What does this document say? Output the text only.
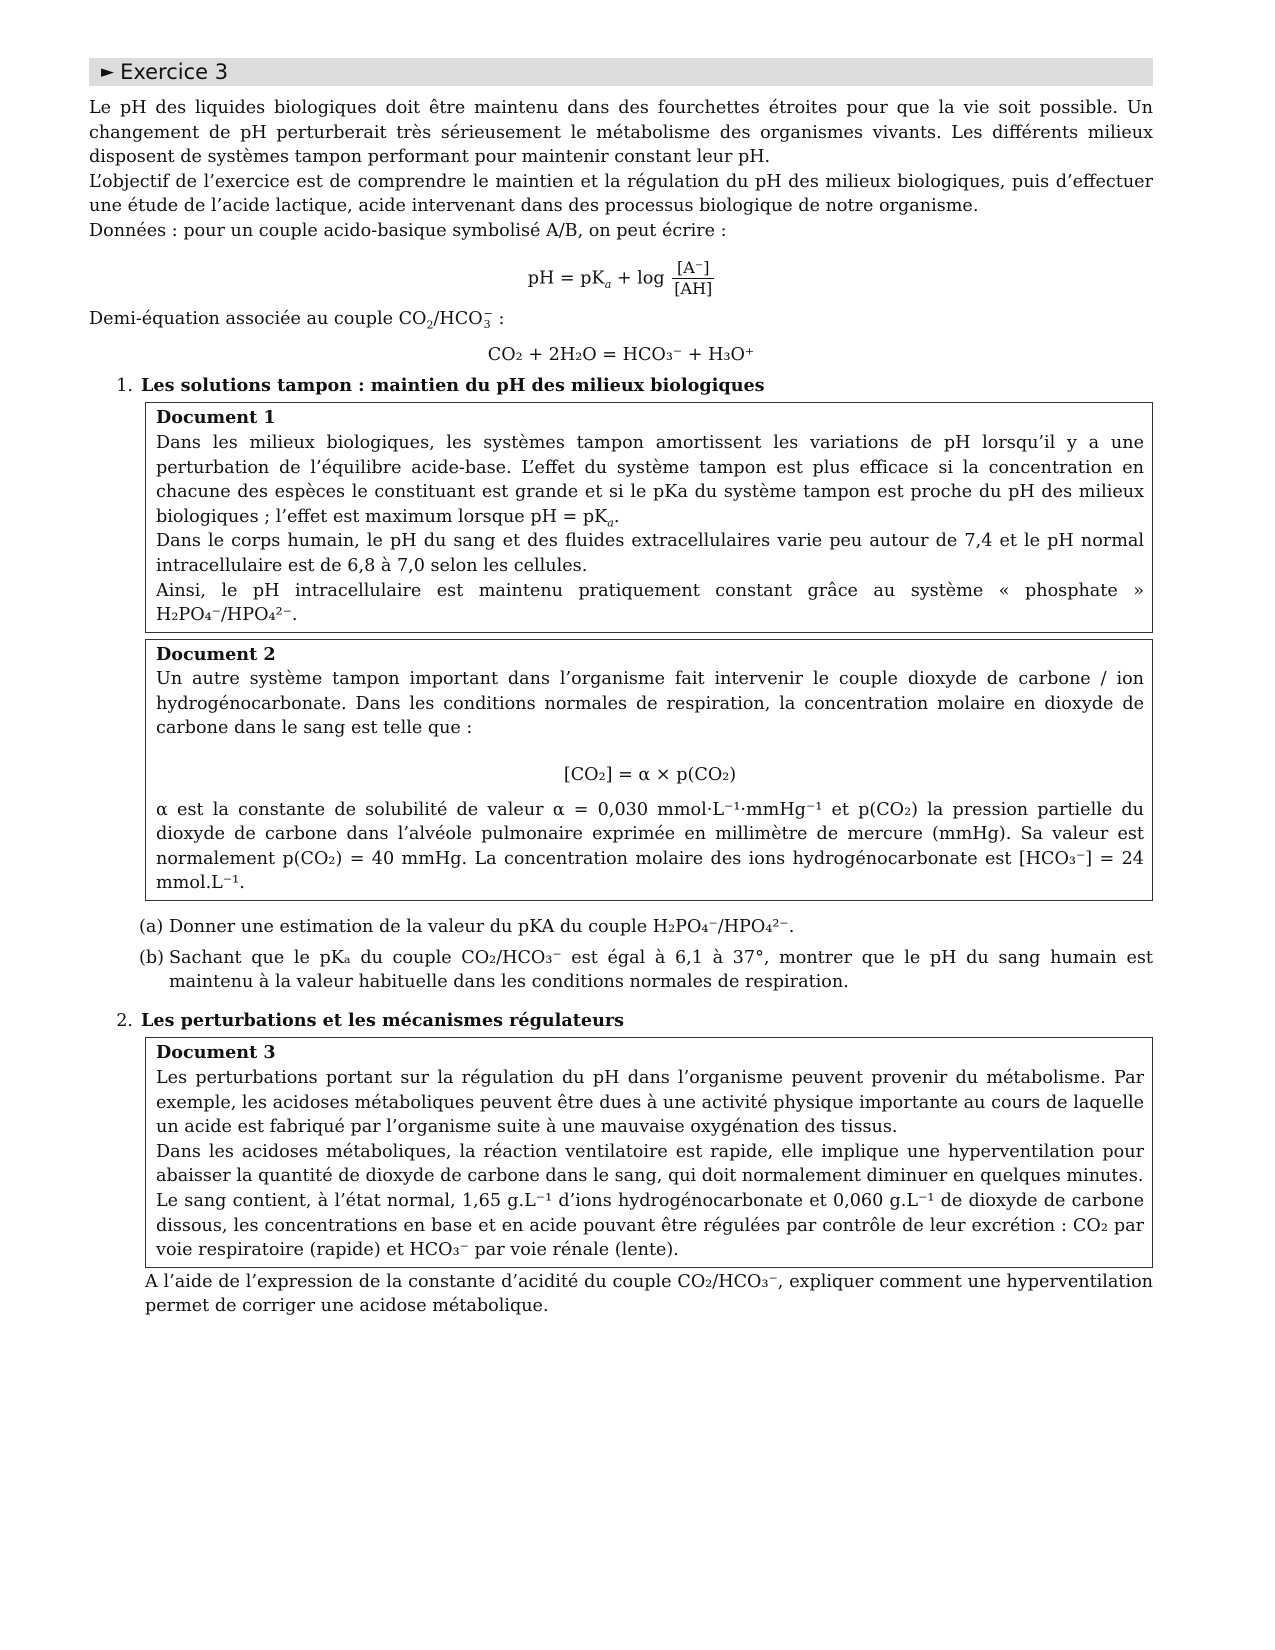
► Exercice 3

Le pH des liquides biologiques doit être maintenu dans des fourchettes étroites pour que la vie soit possible. Un changement de pH perturberait très sérieusement le métabolisme des organismes vivants. Les différents milieux disposent de systèmes tampon performant pour maintenir constant leur pH.

L’objectif de l’exercice est de comprendre le maintien et la régulation du pH des milieux biologiques, puis d’effectuer une étude de l’acide lactique, acide intervenant dans des processus biologique de notre organisme.

Données : pour un couple acido-basique symbolisé A/B, on peut écrire :

pH = $pK_a + \log \frac{[A^-]}{[AH]}$

Demi-équation associée au couple $CO_2$/HCO −
3 :

CO₂ + 2H₂O = HCO₃⁻ + H₃O⁺
1. Les solutions tampon : maintien du pH des milieux biologiques
Document 1

Dans les milieux biologiques, les systèmes tampon amortissent les variations de pH lorsqu’il y a une perturbation de l’équilibre acide-base. L’effet du système tampon est plus efficace si la concentration en chacune des espèces le constituant est grande et si le pKa du système tampon est proche du pH des milieux biologiques ; l’effet est maximum lorsque pH = $pK_a$.

Dans le corps humain, le pH du sang et des fluides extracellulaires varie peu autour de 7,4 et le pH normal intracellulaire est de 6,8 à 7,0 selon les cellules.

Ainsi, le pH intracellulaire est maintenu pratiquement constant grâce au système « phosphate » H₂PO₄⁻/HPO₄²⁻.

Document 2

Un autre système tampon important dans l’organisme fait intervenir le couple dioxyde de carbone / ion hydrogénocarbonate. Dans les conditions normales de respiration, la concentration molaire en dioxyde de carbone dans le sang est telle que :

[CO₂] = α × p(CO₂)

α est la constante de solubilité de valeur α = 0,030 mmol·L⁻¹·mmHg⁻¹ et p(CO₂) la pression partielle du dioxyde de carbone dans l’alvéole pulmonaire exprimée en millimètre de mercure (mmHg). Sa valeur est normalement p(CO₂) = 40 mmHg. La concentration molaire des ions hydrogénocarbonate est [HCO₃⁻] = 24 mmol.L⁻¹.

(a) Donner une estimation de la valeur du pKA du couple H₂PO₄⁻/HPO₄²⁻.
(b) Sachant que le pKₐ du couple CO₂/HCO₃⁻ est égal à 6,1 à 37°, montrer que le pH du sang humain est maintenu à la valeur habituelle dans les conditions normales de respiration.
2. Les perturbations et les mécanismes régulateurs
Document 3

Les perturbations portant sur la régulation du pH dans l’organisme peuvent provenir du métabolisme. Par exemple, les acidoses métaboliques peuvent être dues à une activité physique importante au cours de laquelle un acide est fabriqué par l’organisme suite à une mauvaise oxygénation des tissus.

Dans les acidoses métaboliques, la réaction ventilatoire est rapide, elle implique une hyperventilation pour abaisser la quantité de dioxyde de carbone dans le sang, qui doit normalement diminuer en quelques minutes.

Le sang contient, à l’état normal, 1,65 g.L⁻¹ d’ions hydrogénocarbonate et 0,060 g.L⁻¹ de dioxyde de carbone dissous, les concentrations en base et en acide pouvant être régulées par contrôle de leur excrétion : CO₂ par voie respiratoire (rapide) et HCO₃⁻ par voie rénale (lente).

A l’aide de l’expression de la constante d’acidité du couple CO₂/HCO₃⁻, expliquer comment une hyperventilation permet de corriger une acidose métabolique.
